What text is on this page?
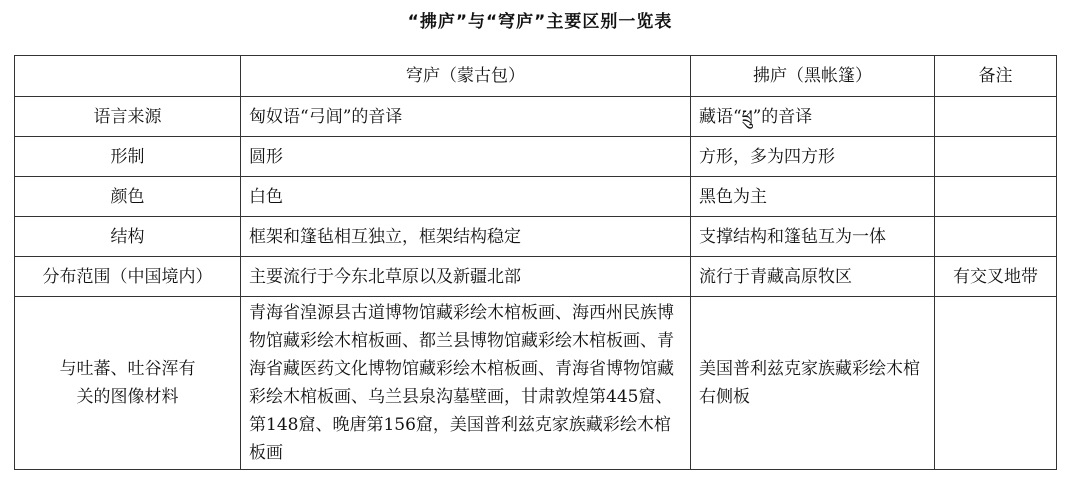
“拂庐”与“穹庐”主要区别一览表
	穹庐（蒙古包）	拂庐（黑帐篷）	备注
语言来源	匈奴语“弓闾”的音译	藏语“ཕྲུ”的音译	
形制	圆形	方形，多为四方形	
颜色	白色	黑色为主	
结构	框架和篷毡相互独立，框架结构稳定	支撑结构和篷毡互为一体	
分布范围（中国境内）	主要流行于今东北草原以及新疆北部	流行于青藏高原牧区	有交叉地带
与吐蕃、吐谷浑有关的图像材料	青海省湟源县古道博物馆藏彩绘木棺板画、海西州民族博物馆藏彩绘木棺板画、都兰县博物馆藏彩绘木棺板画、青海省藏医药文化博物馆藏彩绘木棺板画、青海省博物馆藏彩绘木棺板画、乌兰县泉沟墓壁画，甘肃敦煌第445窟、第148窟、晚唐第156窟，美国普利兹克家族藏彩绘木棺板画	美国普利兹克家族藏彩绘木棺右侧板	
